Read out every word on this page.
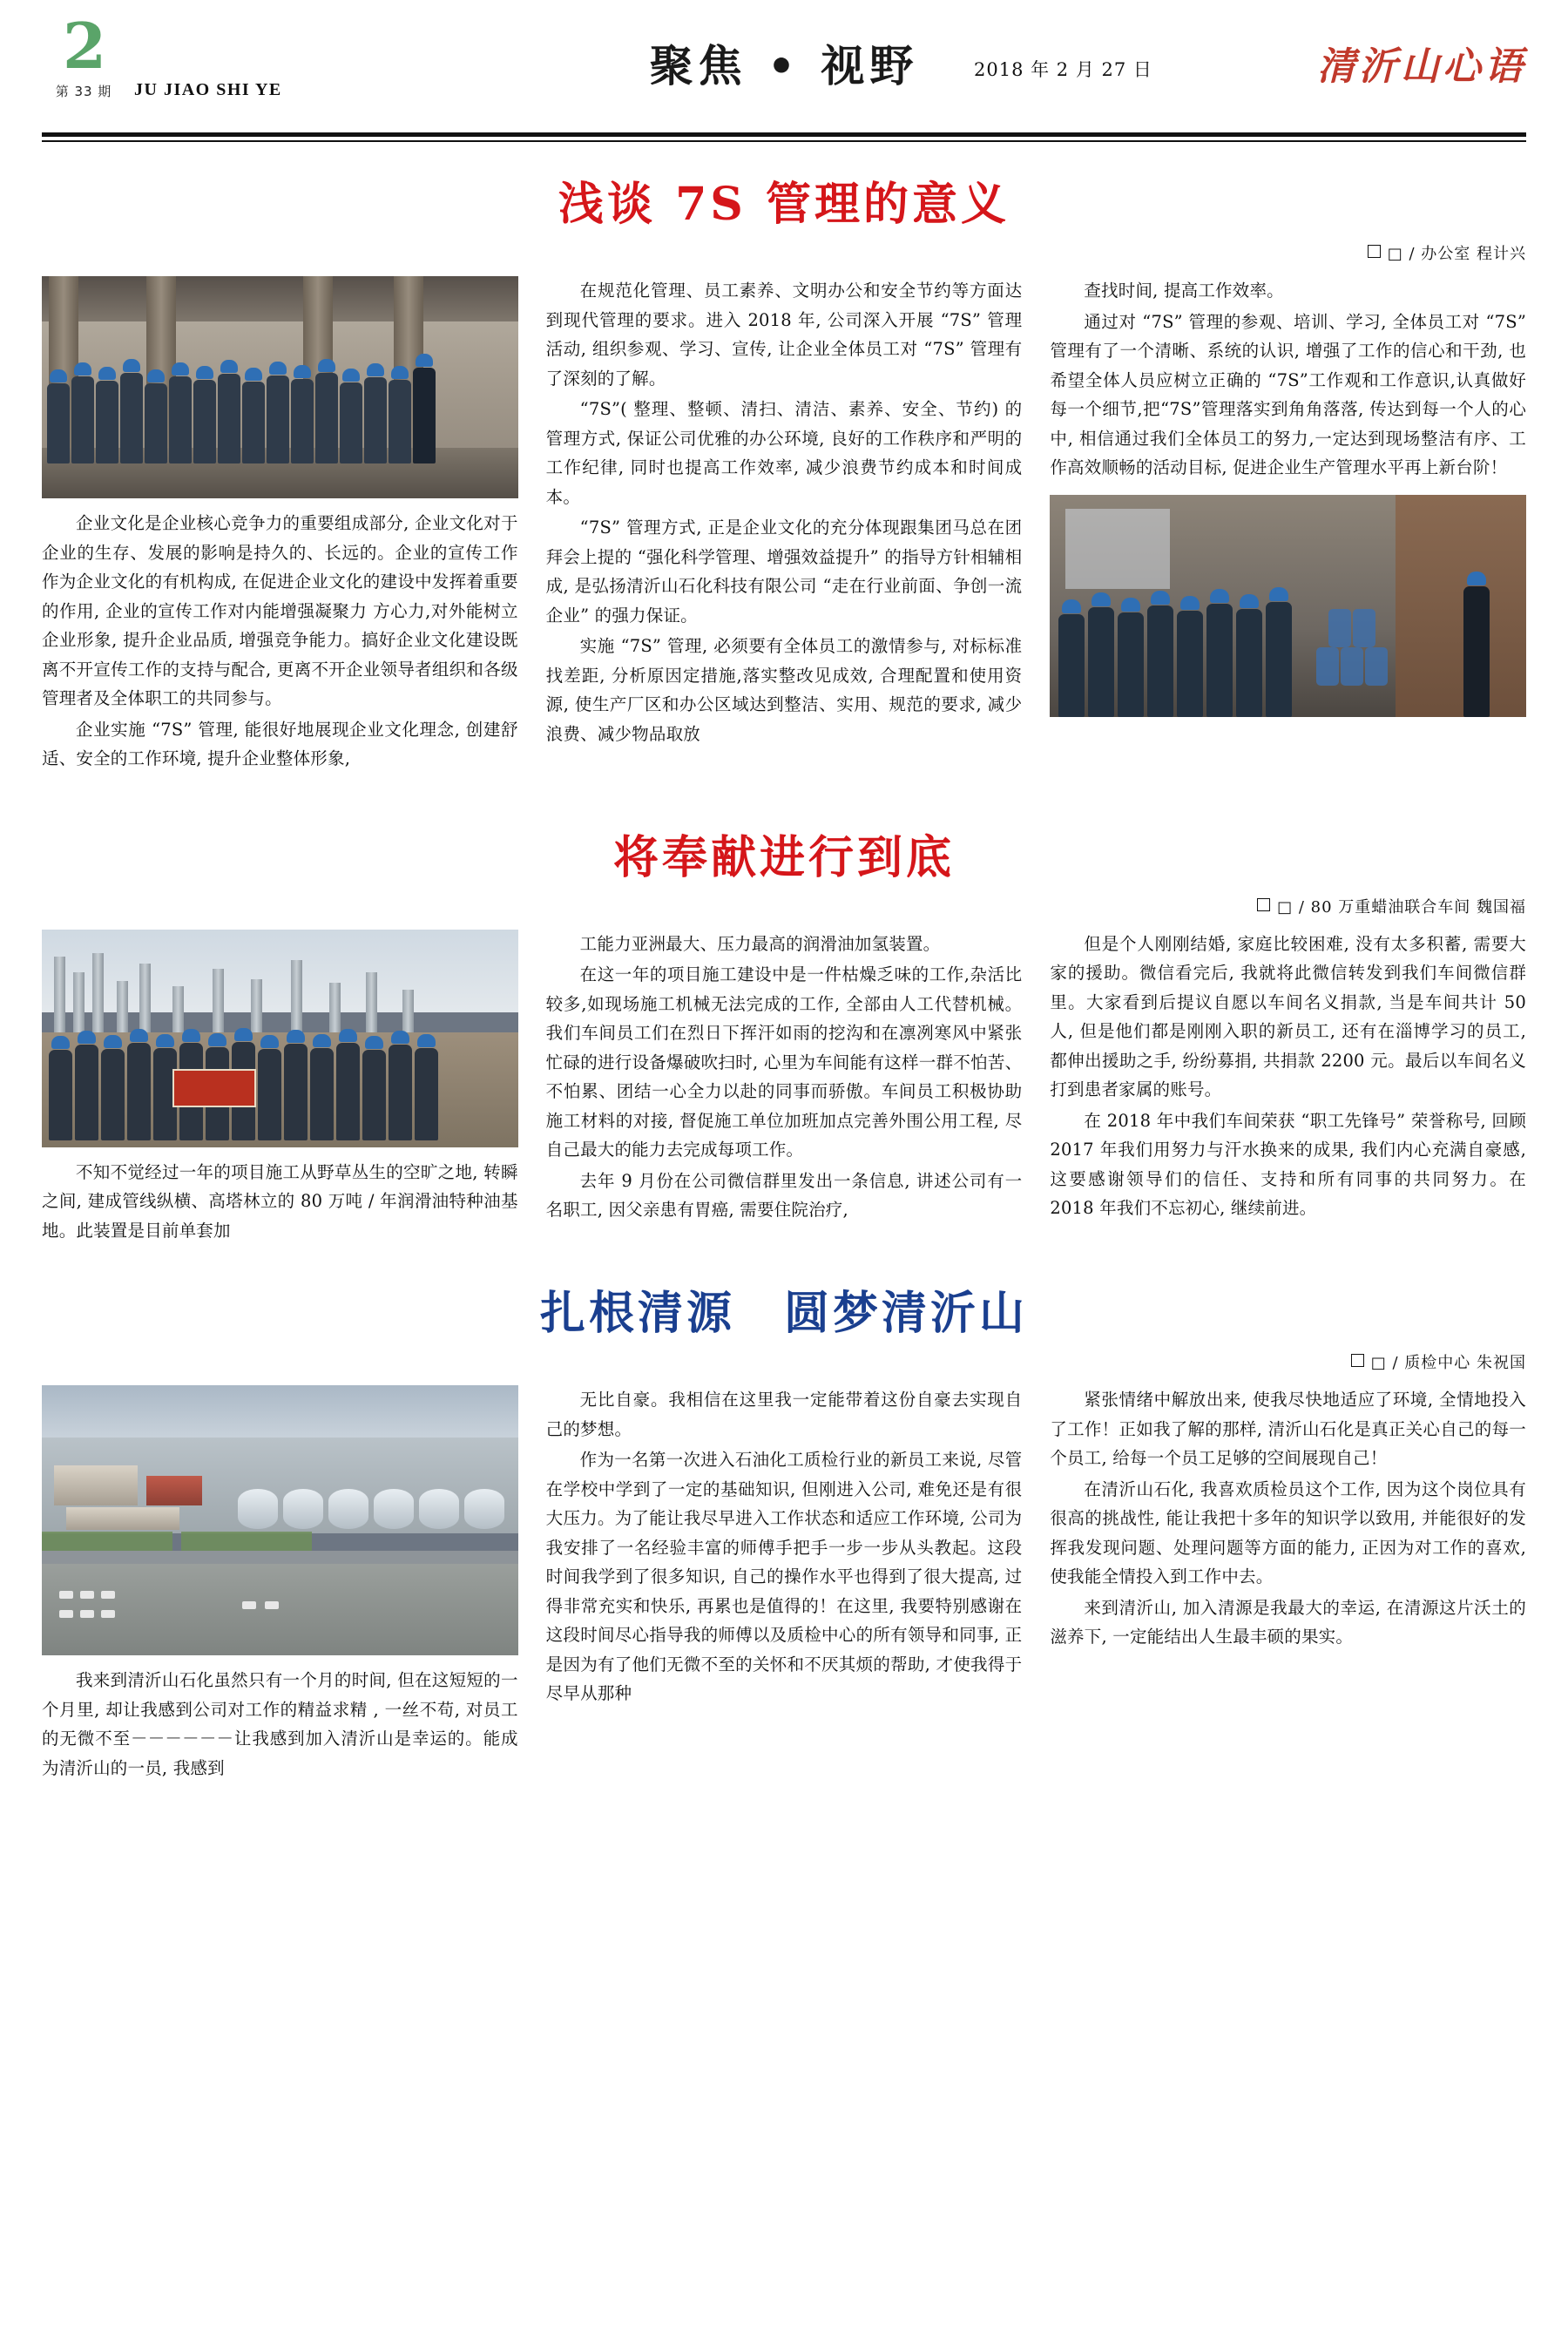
2
第 33 期	JU JIAO SHI YE	聚焦 • 视野	2018 年 2 月 27 日	清沂山心语
浅谈 7S 管理的意义
□ / 办公室 程计兴

企业文化是企业核心竞争力的重要组成部分, 企业文化对于企业的生存、发展的影响是持久的、长远的。企业的宣传工作作为企业文化的有机构成, 在促进企业文化的建设中发挥着重要的作用, 企业的宣传工作对内能增强凝聚力 方心力,对外能树立企业形象, 提升企业品质, 增强竞争能力。搞好企业文化建设既离不开宣传工作的支持与配合, 更离不开企业领导者组织和各级管理者及全体职工的共同参与。

企业实施 “7S” 管理, 能很好地展现企业文化理念, 创建舒适、安全的工作环境, 提升企业整体形象,

在规范化管理、员工素养、文明办公和安全节约等方面达到现代管理的要求。进入 2018 年, 公司深入开展 “7S” 管理活动, 组织参观、学习、宣传, 让企业全体员工对 “7S” 管理有了深刻的了解。

“7S”( 整理、整顿、清扫、清洁、素养、安全、节约) 的管理方式, 保证公司优雅的办公环境, 良好的工作秩序和严明的工作纪律, 同时也提高工作效率, 减少浪费节约成本和时间成本。

“7S” 管理方式, 正是企业文化的充分体现跟集团马总在团拜会上提的 “强化科学管理、增强效益提升” 的指导方针相辅相成, 是弘扬清沂山石化科技有限公司 “走在行业前面、争创一流企业” 的强力保证。

实施 “7S” 管理, 必须要有全体员工的激情参与, 对标标准找差距, 分析原因定措施,落实整改见成效, 合理配置和使用资源, 使生产厂区和办公区域达到整洁、实用、规范的要求, 减少浪费、减少物品取放

查找时间, 提高工作效率。

通过对 “7S” 管理的参观、培训、学习, 全体员工对 “7S” 管理有了一个清晰、系统的认识, 增强了工作的信心和干劲, 也希望全体人员应树立正确的 “7S”工作观和工作意识,认真做好每一个细节,把“7S”管理落实到角角落落, 传达到每一个人的心中, 相信通过我们全体员工的努力,一定达到现场整洁有序、工作高效顺畅的活动目标, 促进企业生产管理水平再上新台阶！

将奉献进行到底
□ / 80 万重蜡油联合车间 魏国福

不知不觉经过一年的项目施工从野草丛生的空旷之地, 转瞬之间, 建成管线纵横、高塔林立的 80 万吨 / 年润滑油特种油基地。此装置是目前单套加

工能力亚洲最大、压力最高的润滑油加氢装置。

在这一年的项目施工建设中是一件枯燥乏味的工作,杂活比较多,如现场施工机械无法完成的工作, 全部由人工代替机械。我们车间员工们在烈日下挥汗如雨的挖沟和在凛冽寒风中紧张忙碌的进行设备爆破吹扫时, 心里为车间能有这样一群不怕苦、不怕累、团结一心全力以赴的同事而骄傲。车间员工积极协助施工材料的对接, 督促施工单位加班加点完善外围公用工程, 尽自己最大的能力去完成每项工作。

去年 9 月份在公司微信群里发出一条信息, 讲述公司有一名职工, 因父亲患有胃癌, 需要住院治疗,

但是个人刚刚结婚, 家庭比较困难, 没有太多积蓄, 需要大家的援助。微信看完后, 我就将此微信转发到我们车间微信群里。大家看到后提议自愿以车间名义捐款, 当是车间共计 50 人, 但是他们都是刚刚入职的新员工, 还有在淄博学习的员工, 都伸出援助之手, 纷纷募捐, 共捐款 2200 元。最后以车间名义打到患者家属的账号。

在 2018 年中我们车间荣获 “职工先锋号” 荣誉称号, 回顾 2017 年我们用努力与汗水换来的成果, 我们内心充满自豪感,这要感谢领导们的信任、支持和所有同事的共同努力。在 2018 年我们不忘初心, 继续前进。

扎根清源　圆梦清沂山
□ / 质检中心 朱祝国

我来到清沂山石化虽然只有一个月的时间, 但在这短短的一个月里, 却让我感到公司对工作的精益求精 , 一丝不苟, 对员工的无微不至－－－－－－让我感到加入清沂山是幸运的。能成为清沂山的一员, 我感到

无比自豪。我相信在这里我一定能带着这份自豪去实现自己的梦想。

作为一名第一次进入石油化工质检行业的新员工来说, 尽管在学校中学到了一定的基础知识, 但刚进入公司, 难免还是有很大压力。为了能让我尽早进入工作状态和适应工作环境, 公司为我安排了一名经验丰富的师傅手把手一步一步从头教起。这段时间我学到了很多知识, 自己的操作水平也得到了很大提高, 过得非常充实和快乐, 再累也是值得的！在这里, 我要特别感谢在这段时间尽心指导我的师傅以及质检中心的所有领导和同事, 正是因为有了他们无微不至的关怀和不厌其烦的帮助, 才使我得于尽早从那种

紧张情绪中解放出来, 使我尽快地适应了环境, 全情地投入了工作！正如我了解的那样, 清沂山石化是真正关心自己的每一个员工, 给每一个员工足够的空间展现自己！

在清沂山石化, 我喜欢质检员这个工作, 因为这个岗位具有很高的挑战性, 能让我把十多年的知识学以致用, 并能很好的发挥我发现问题、处理问题等方面的能力, 正因为对工作的喜欢, 使我能全情投入到工作中去。

来到清沂山, 加入清源是我最大的幸运, 在清源这片沃土的滋养下, 一定能结出人生最丰硕的果实。
